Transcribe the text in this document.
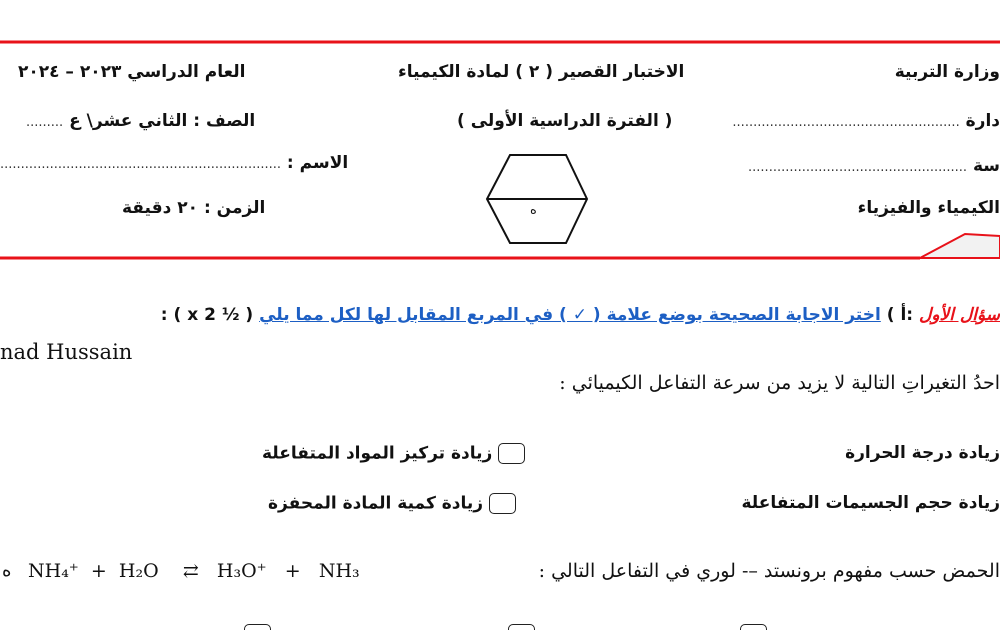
ە
وزارة التربية
دارة .......................................................
سة .....................................................
الكيمياء والفيزياء
الاختبار القصير ( ٢ ) لمادة الكيمياء
( الفترة الدراسية الأولى )
العام الدراسي ٢٠٢٣ – ٢٠٢٤
الصف : الثاني عشر\ ع .........
الاسم : ....................................................................
الزمن : ٢٠ دقيقة
سؤال الأول :أ ) اختر الاجابة الصحيحة بوضع علامة ( ✓ ) في المربع المقابل لها لكل مما يلي ( ½ x 2 ) :
nad Hussain
احدُ التغيراتِ التالية لا يزيد من سرعة التفاعل الكيميائي :
زيادة درجة الحرارة
زيادة تركيز المواد المتفاعلة
زيادة حجم الجسيمات المتفاعلة
زيادة كمية المادة المحفزة
الحمض حسب مفهوم برونستد –- لوري في التفاعل التالي :
NH₄⁺  +  H₂O    ⇄   H₃O⁺   +   NH₃
ه
